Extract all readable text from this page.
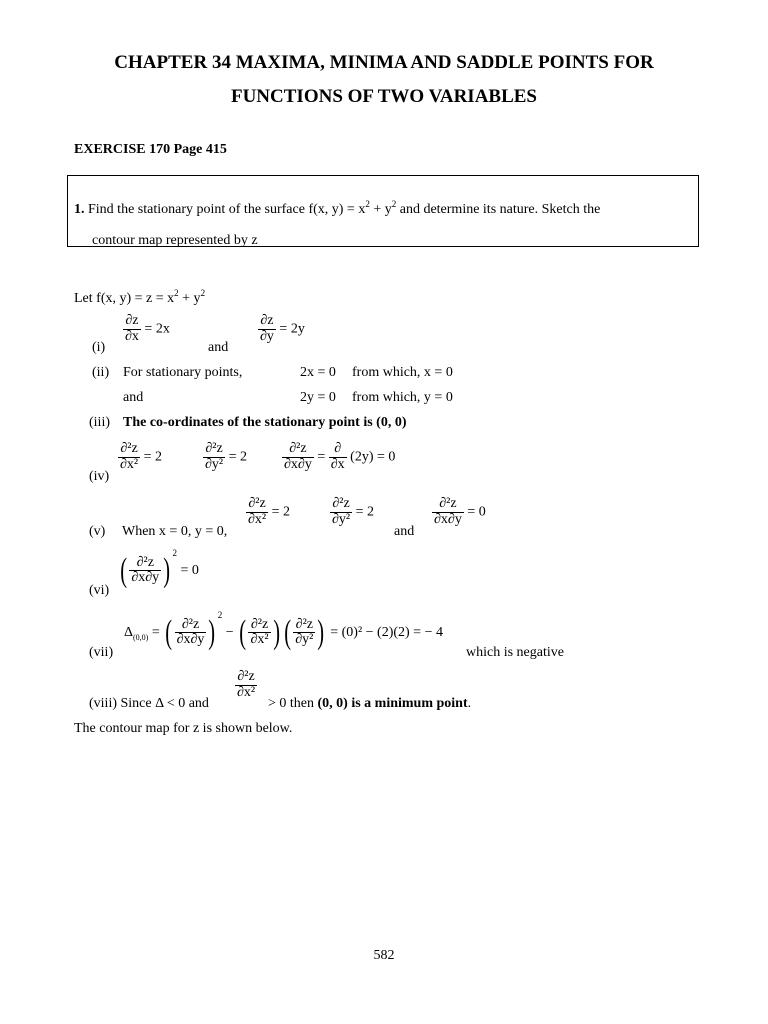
CHAPTER 34 MAXIMA, MINIMA AND SADDLE POINTS FOR
FUNCTIONS OF TWO VARIABLES
EXERCISE 170 Page 415
1. Find the stationary point of the surface f(x, $y) = x^2 + y^2$ and determine its nature. Sketch the
contour map represented by z
Let f(x, $y) = z = x^2 + y^2$
(i)
$\frac{\partial z}{\partial x} = 2x$
and
$\frac{\partial z}{\partial y} = 2y$
(ii) For stationary points,	2x = 0 from which, x = 0
and	2y = 0 from which, y = 0
(iii) The co-ordinates of the stationary point is (0, 0)
(iv)
$\frac{\text{∂²z}}{\text{∂x²}} = 2$	$\frac{\text{∂²z}}{\text{∂y²}} = 2 \frac{\text{∂²z}}{\partial x\partial y} = \frac{\partial}{\partial x} (2y) = 0$
(v) When x = 0, y = 0,
$\frac{\text{∂²z}}{\text{∂x²}} = 2$	$\frac{\text{∂²z}}{\text{∂y²}} = 2$
and
$\frac{\text{∂²z}}{\partial x\partial y} = 0$
(vi)
( $\frac{\text{∂²z}}{\partial x\partial y}$ ) $^2$ = 0
(vii)
$\Delta_{(0,0)}$ = ( $\frac{\text{∂²z}}{\partial x\partial y}$ ) $^2$ − ( $\frac{\text{∂²z}}{\text{∂x²}}$ ) ( $\frac{\text{∂²z}}{\text{∂y²}}$ ) = (0)² − (2)(2) = − 4
which is negative
(viii) Since Δ < 0 and
$\frac{\text{∂²z}}{\text{∂x²}}$
> 0 then (0, 0) is a minimum point.
The contour map for z is shown below.
582
